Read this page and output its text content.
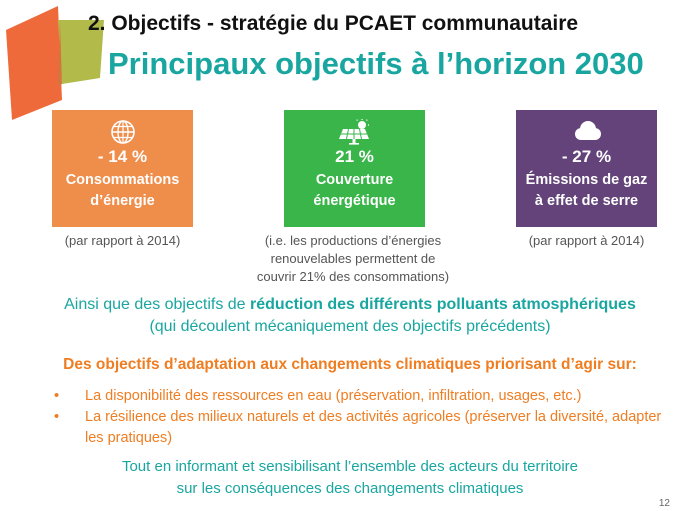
2. Objectifs - stratégie du PCAET communautaire
Principaux objectifs à l’horizon 2030
- 14 %
Consommations
d’énergie
21 %
Couverture
énergétique
- 27 %
Émissions de gaz
à effet de serre
(par rapport à 2014)	(i.e. les productions d’énergies
renouvelables permettent de
couvrir 21% des consommations)
(par rapport à 2014)
Ainsi que des objectifs de réduction des différents polluants atmosphériques
(qui découlent mécaniquement des objectifs précédents)
Des objectifs d’adaptation aux changements climatiques priorisant d’agir sur:
• La disponibilité des ressources en eau (préservation, infiltration, usages, etc.)
• La résilience des milieux naturels et des activités agricoles (préserver la diversité, adapter les pratiques)
Tout en informant et sensibilisant l’ensemble des acteurs du territoire
sur les conséquences des changements climatiques
12
